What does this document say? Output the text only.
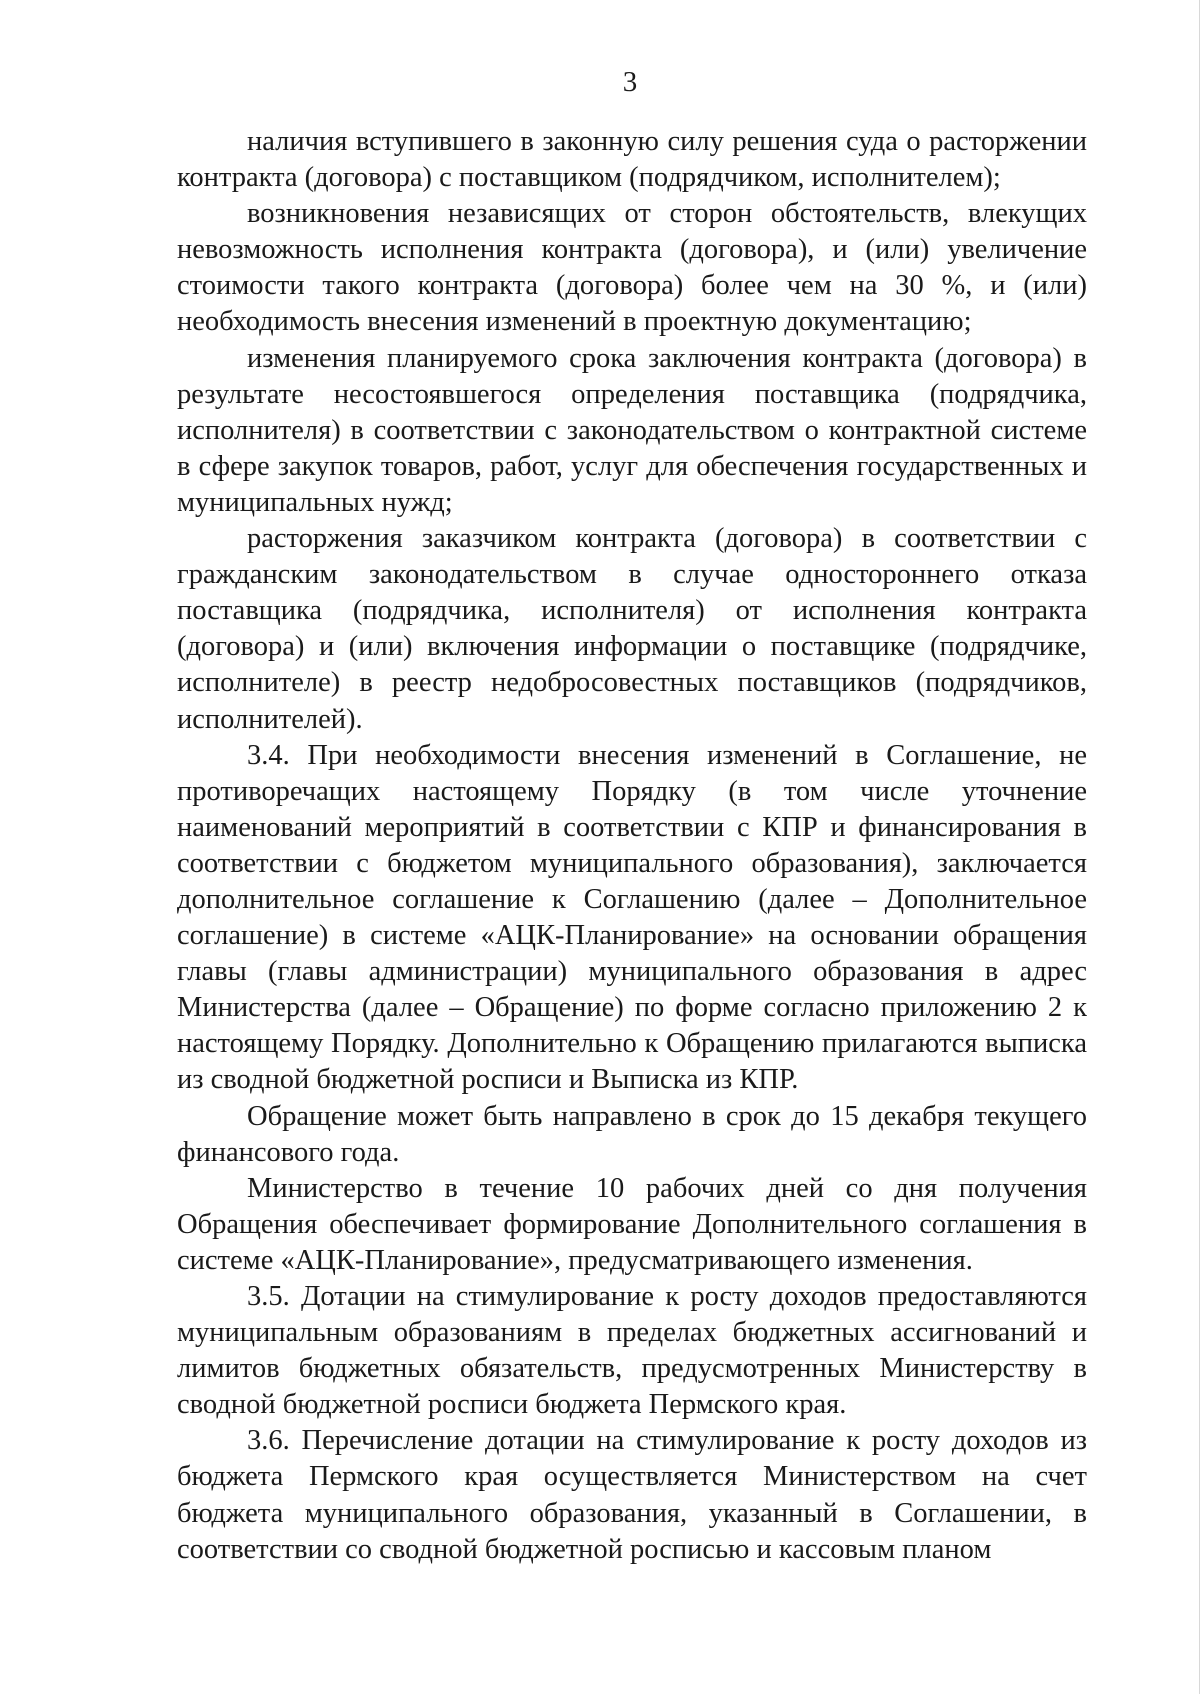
3

наличия вступившего в законную силу решения суда о расторжении контракта (договора) с поставщиком (подрядчиком, исполнителем);

возникновения независящих от сторон обстоятельств, влекущих невозможность исполнения контракта (договора), и (или) увеличение стоимости такого контракта (договора) более чем на 30 %, и (или) необходимость внесения изменений в проектную документацию;

изменения планируемого срока заключения контракта (договора) в результате несостоявшегося определения поставщика (подрядчика, исполнителя) в соответствии с законодательством о контрактной системе в сфере закупок товаров, работ, услуг для обеспечения государственных и муниципальных нужд;

расторжения заказчиком контракта (договора) в соответствии с гражданским законодательством в случае одностороннего отказа поставщика (подрядчика, исполнителя) от исполнения контракта (договора) и (или) включения информации о поставщике (подрядчике, исполнителе) в реестр недобросовестных поставщиков (подрядчиков, исполнителей).

3.4. При необходимости внесения изменений в Соглашение, не противоречащих настоящему Порядку (в том числе уточнение наименований мероприятий в соответствии с КПР и финансирования в соответствии с бюджетом муниципального образования), заключается дополнительное соглашение к Соглашению (далее – Дополнительное соглашение) в системе «АЦК-Планирование» на основании обращения главы (главы администрации) муниципального образования в адрес Министерства (далее – Обращение) по форме согласно приложению 2 к настоящему Порядку. Дополнительно к Обращению прилагаются выписка из сводной бюджетной росписи и Выписка из КПР.

Обращение может быть направлено в срок до 15 декабря текущего финансового года.

Министерство в течение 10 рабочих дней со дня получения Обращения обеспечивает формирование Дополнительного соглашения в системе «АЦК-Планирование», предусматривающего изменения.

3.5. Дотации на стимулирование к росту доходов предоставляются муниципальным образованиям в пределах бюджетных ассигнований и лимитов бюджетных обязательств, предусмотренных Министерству в сводной бюджетной росписи бюджета Пермского края.

3.6. Перечисление дотации на стимулирование к росту доходов из бюджета Пермского края осуществляется Министерством на счет бюджета муниципального образования, указанный в Соглашении, в соответствии со сводной бюджетной росписью и кассовым планом
